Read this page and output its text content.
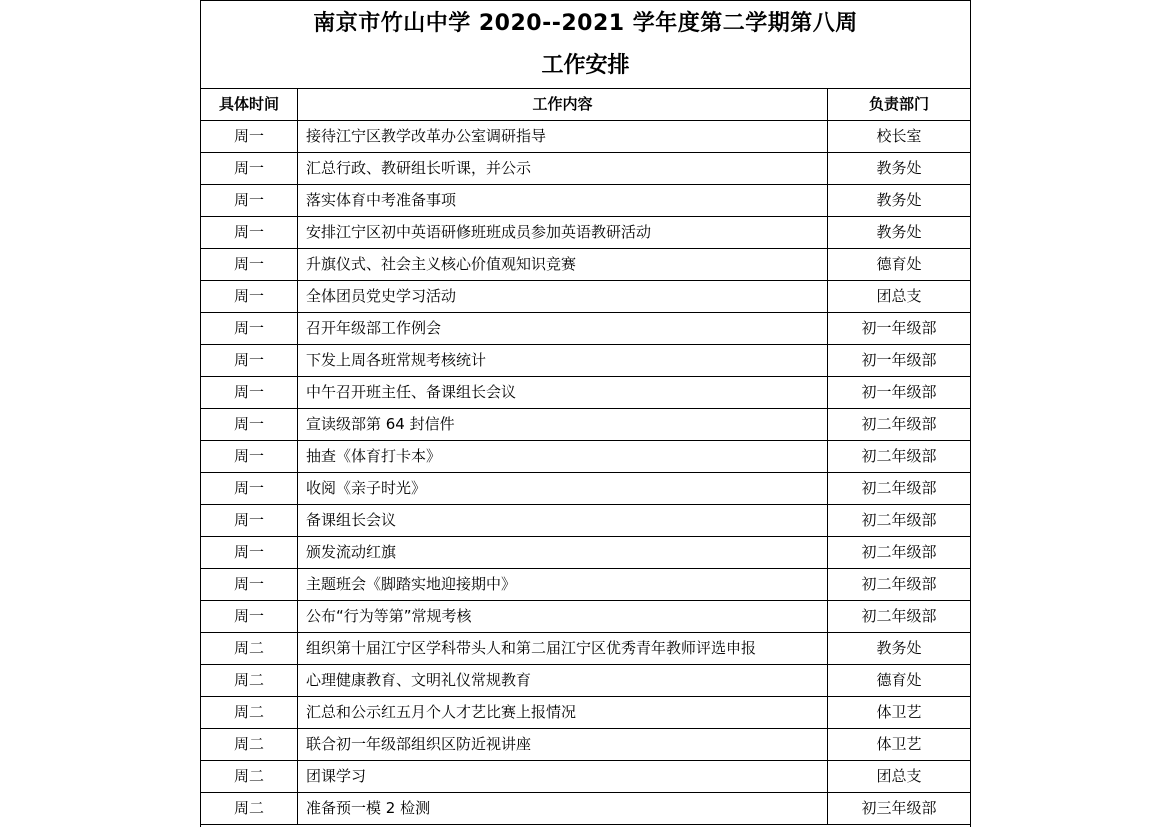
南京市竹山中学 2020--2021 学年度第二学期第八周
工作安排
具体时间	工作内容	负责部门
周一	接待江宁区教学改革办公室调研指导	校长室
周一	汇总行政、教研组长听课，并公示	教务处
周一	落实体育中考准备事项	教务处
周一	安排江宁区初中英语研修班班成员参加英语教研活动	教务处
周一	升旗仪式、社会主义核心价值观知识竞赛	德育处
周一	全体团员党史学习活动	团总支
周一	召开年级部工作例会	初一年级部
周一	下发上周各班常规考核统计	初一年级部
周一	中午召开班主任、备课组长会议	初一年级部
周一	宣读级部第 64 封信件	初二年级部
周一	抽查《体育打卡本》	初二年级部
周一	收阅《亲子时光》	初二年级部
周一	备课组长会议	初二年级部
周一	颁发流动红旗	初二年级部
周一	主题班会《脚踏实地迎接期中》	初二年级部
周一	公布“行为等第”常规考核	初二年级部
周二	组织第十届江宁区学科带头人和第二届江宁区优秀青年教师评选申报	教务处
周二	心理健康教育、文明礼仪常规教育	德育处
周二	汇总和公示红五月个人才艺比赛上报情况	体卫艺
周二	联合初一年级部组织区防近视讲座	体卫艺
周二	团课学习	团总支
周二	准备预一模 2 检测	初三年级部
